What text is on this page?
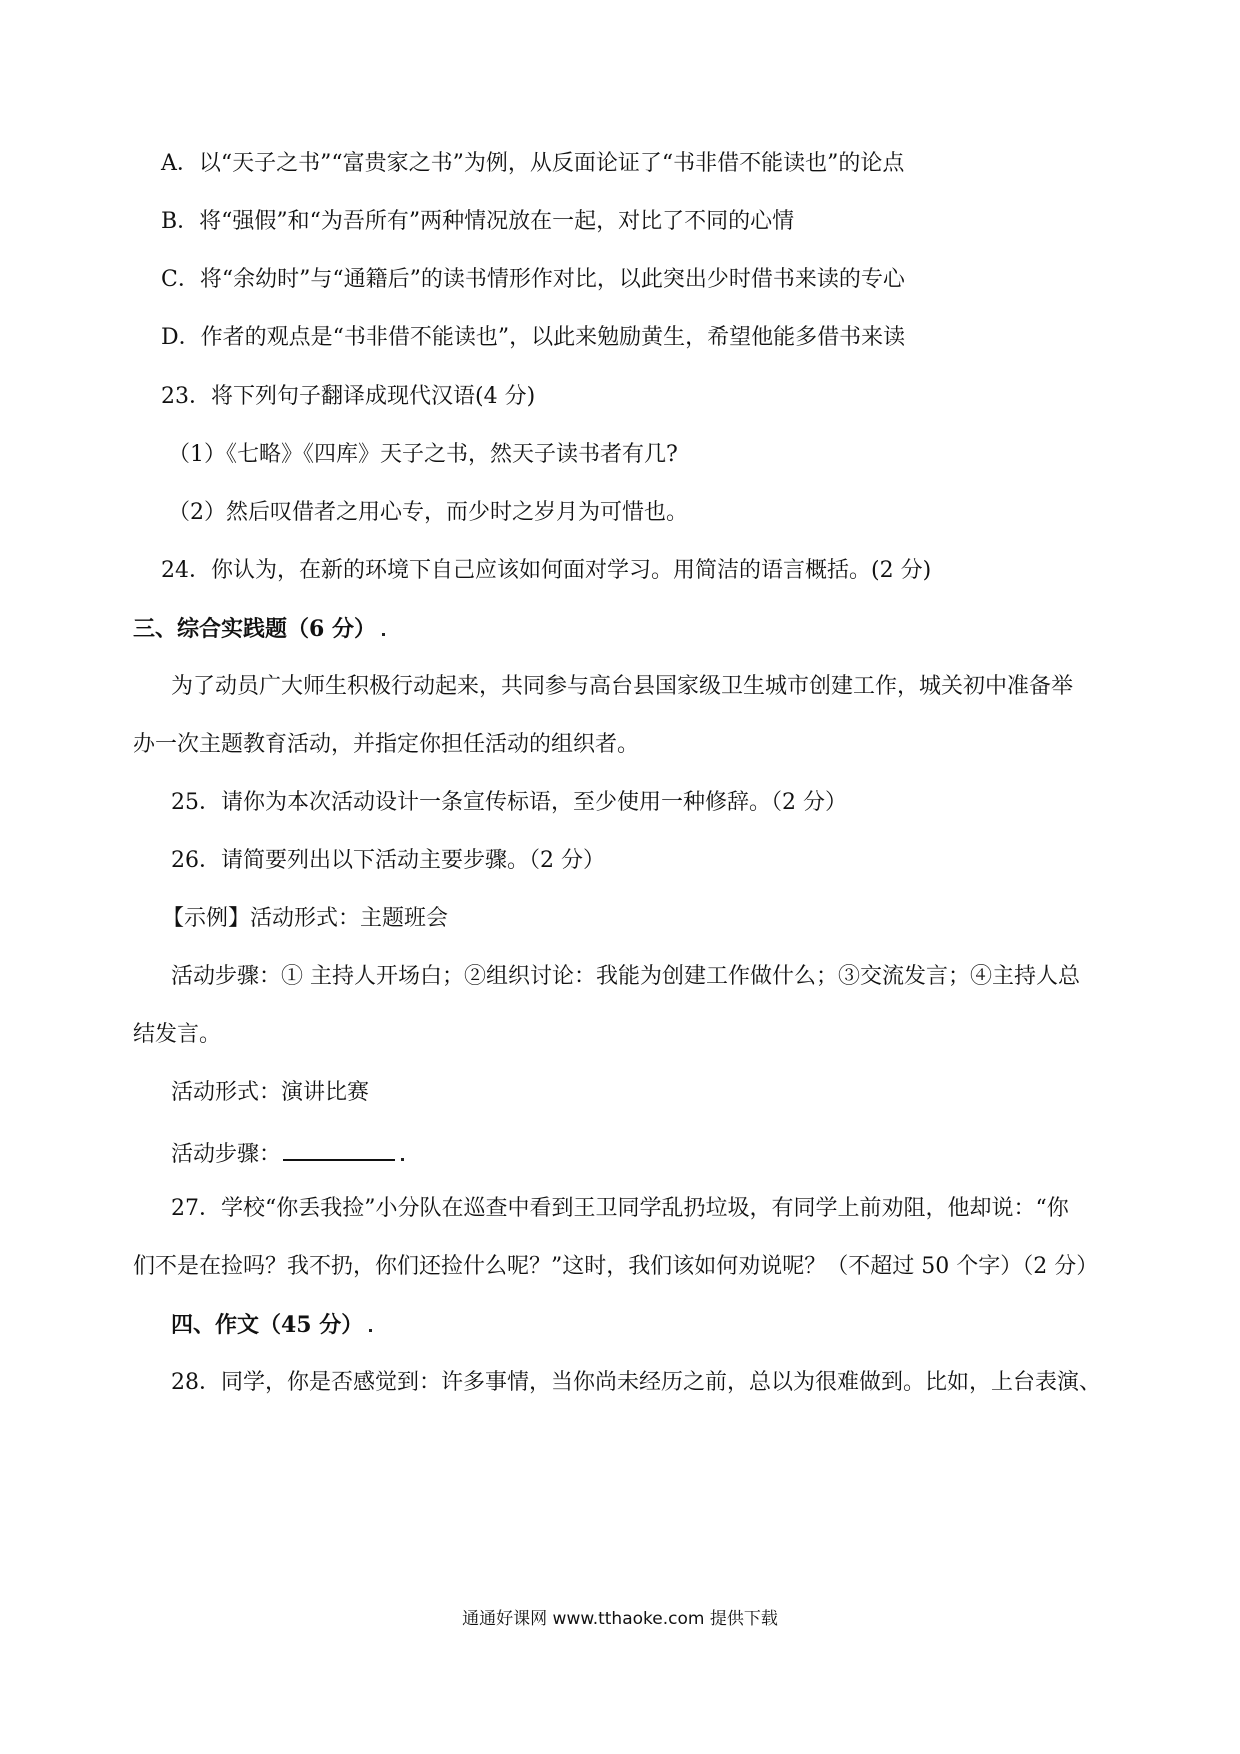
A．以“天子之书”“富贵家之书”为例，从反面论证了“书非借不能读也”的论点
B．将“强假”和“为吾所有”两种情况放在一起，对比了不同的心情
C．将“余幼时”与“通籍后”的读书情形作对比，以此突出少时借书来读的专心
D．作者的观点是“书非借不能读也”，以此来勉励黄生，希望他能多借书来读
23．将下列句子翻译成现代汉语(4 分)
（1）《七略》《四库》天子之书，然天子读书者有几?
（2）然后叹借者之用心专，而少时之岁月为可惜也。
24．你认为，在新的环境下自己应该如何面对学习。用简洁的语言概括。(2 分)
三、综合实践题（6 分）
为了动员广大师生积极行动起来，共同参与高台县国家级卫生城市创建工作，城关初中准备举
办一次主题教育活动，并指定你担任活动的组织者。
25．请你为本次活动设计一条宣传标语，至少使用一种修辞。（2 分）
26．请简要列出以下活动主要步骤。（2 分）
【示例】活动形式：主题班会
活动步骤：① 主持人开场白；②组织讨论：我能为创建工作做什么；③交流发言；④主持人总
结发言。
活动形式：演讲比赛
活动步骤：
27．学校“你丢我捡”小分队在巡查中看到王卫同学乱扔垃圾，有同学上前劝阻，他却说：“你
们不是在捡吗？我不扔，你们还捡什么呢？”这时，我们该如何劝说呢？（不超过 50 个字）（2 分）
四、作文（45 分）
28．同学，你是否感觉到：许多事情，当你尚未经历之前，总以为很难做到。比如，上台表演、
通通好课网 www.tthaoke.com 提供下载
